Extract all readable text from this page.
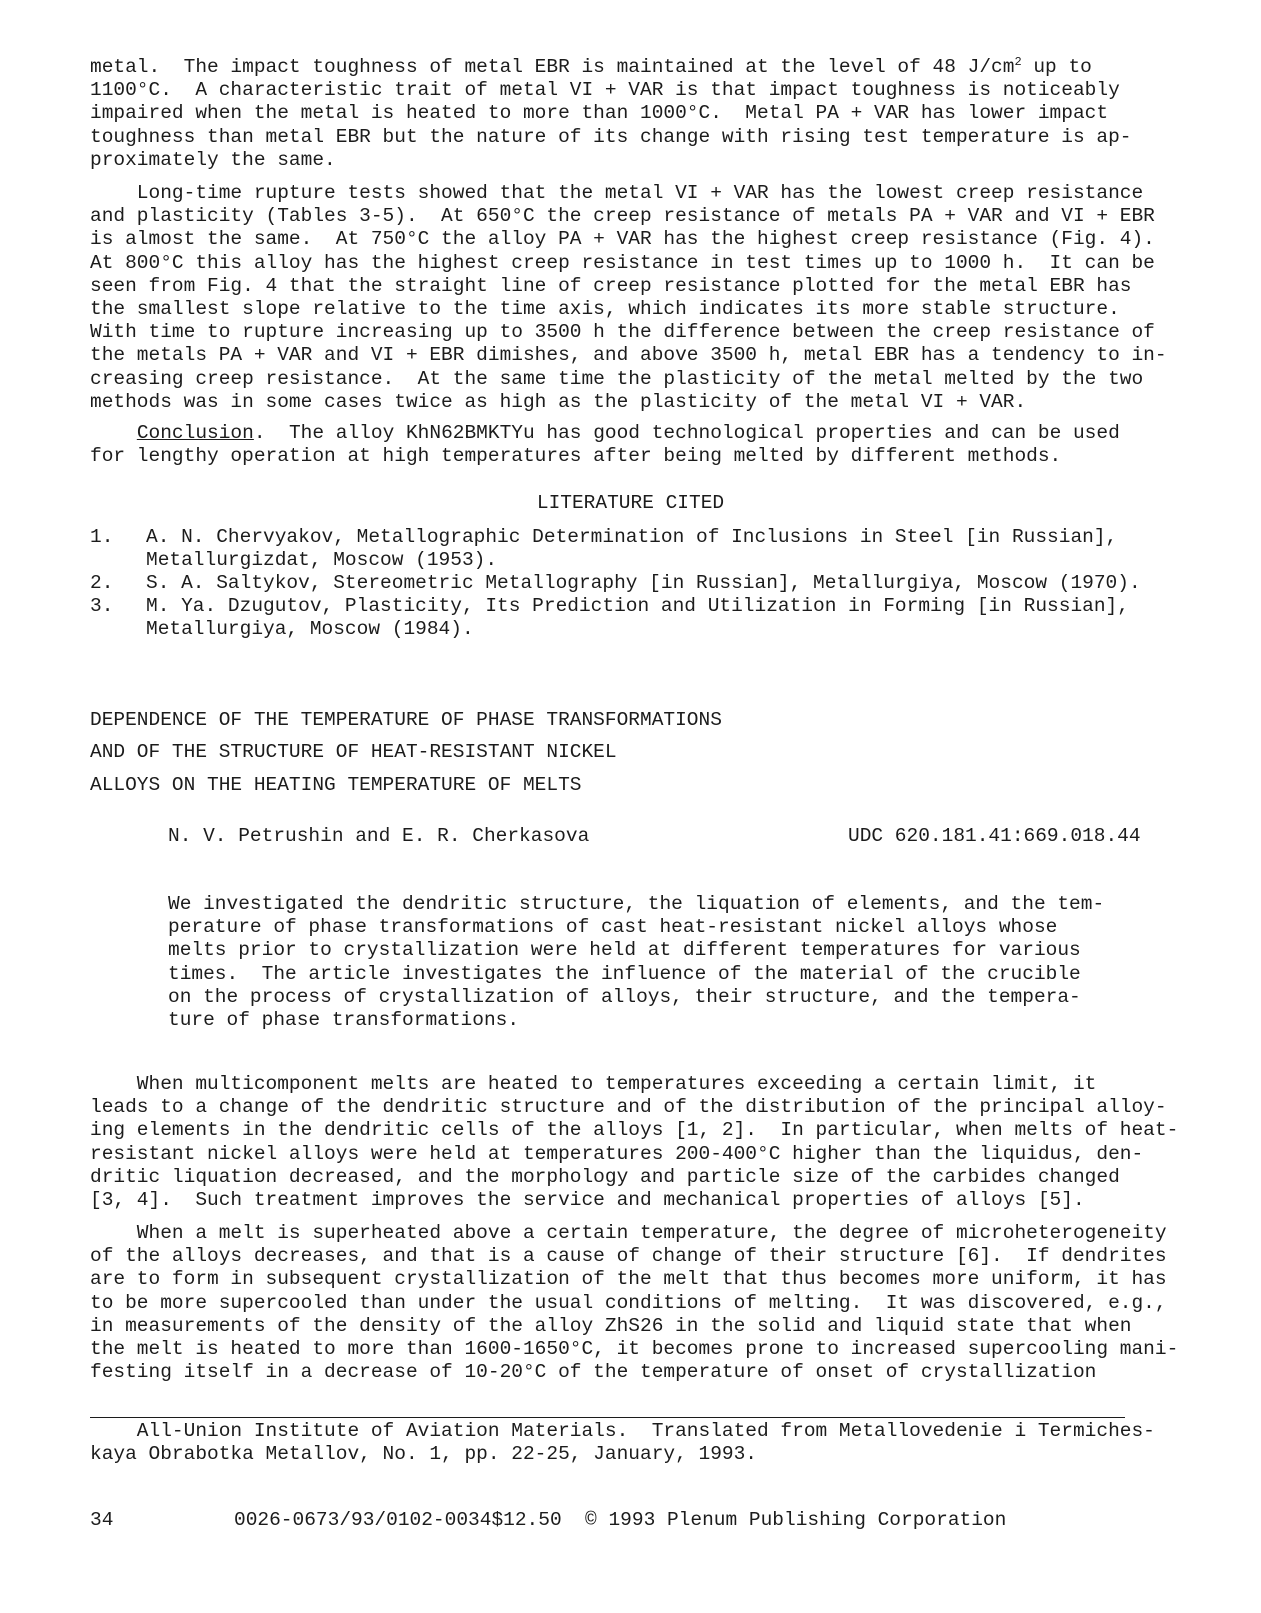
metal.  The impact toughness of metal EBR is maintained at the level of 48 $J/cm^2$ up to
1100°C.  A characteristic trait of metal VI + VAR is that impact toughness is noticeably
impaired when the metal is heated to more than 1000°C.  Metal PA + VAR has lower impact
toughness than metal EBR but the nature of its change with rising test temperature is ap-
proximately the same.
Long-time rupture tests showed that the metal VI + VAR has the lowest creep resistance
and plasticity (Tables 3-5).  At 650°C the creep resistance of metals PA + VAR and VI + EBR
is almost the same.  At 750°C the alloy PA + VAR has the highest creep resistance (Fig. 4).
At 800°C this alloy has the highest creep resistance in test times up to 1000 h.  It can be
seen from Fig. 4 that the straight line of creep resistance plotted for the metal EBR has
the smallest slope relative to the time axis, which indicates its more stable structure.
With time to rupture increasing up to 3500 h the difference between the creep resistance of
the metals PA + VAR and VI + EBR dimishes, and above 3500 h, metal EBR has a tendency to in-
creasing creep resistance.  At the same time the plasticity of the metal melted by the two
methods was in some cases twice as high as the plasticity of the metal VI + VAR.
Conclusion.  The alloy KhN62BMKTYu has good technological properties and can be used
for lengthy operation at high temperatures after being melted by different methods.
LITERATURE CITED
1. A. N. Chervyakov, Metallographic Determination of Inclusions in Steel [in Russian],
Metallurgizdat, Moscow (1953).
2. S. A. Saltykov, Stereometric Metallography [in Russian], Metallurgiya, Moscow (1970).
3. M. Ya. Dzugutov, Plasticity, Its Prediction and Utilization in Forming [in Russian],
Metallurgiya, Moscow (1984).
DEPENDENCE OF THE TEMPERATURE OF PHASE TRANSFORMATIONS
AND OF THE STRUCTURE OF HEAT-RESISTANT NICKEL
ALLOYS ON THE HEATING TEMPERATURE OF MELTS
N. V. Petrushin and E. R. Cherkasova	UDC 620.181.41:669.018.44
We investigated the dendritic structure, the liquation of elements, and the tem-
perature of phase transformations of cast heat-resistant nickel alloys whose
melts prior to crystallization were held at different temperatures for various
times.  The article investigates the influence of the material of the crucible
on the process of crystallization of alloys, their structure, and the tempera-
ture of phase transformations.
When multicomponent melts are heated to temperatures exceeding a certain limit, it
leads to a change of the dendritic structure and of the distribution of the principal alloy-
ing elements in the dendritic cells of the alloys [1, 2].  In particular, when melts of heat-
resistant nickel alloys were held at temperatures 200-400°C higher than the liquidus, den-
dritic liquation decreased, and the morphology and particle size of the carbides changed
[3, 4].  Such treatment improves the service and mechanical properties of alloys [5].
When a melt is superheated above a certain temperature, the degree of microheterogeneity
of the alloys decreases, and that is a cause of change of their structure [6].  If dendrites
are to form in subsequent crystallization of the melt that thus becomes more uniform, it has
to be more supercooled than under the usual conditions of melting.  It was discovered, e.g.,
in measurements of the density of the alloy ZhS26 in the solid and liquid state that when
the melt is heated to more than 1600-1650°C, it becomes prone to increased supercooling mani-
festing itself in a decrease of 10-20°C of the temperature of onset of crystallization
All-Union Institute of Aviation Materials.  Translated from Metallovedenie i Termiches-
kaya Obrabotka Metallov, No. 1, pp. 22-25, January, 1993.
34	0026-0673/93/0102-0034$12.50  © 1993 Plenum Publishing Corporation
